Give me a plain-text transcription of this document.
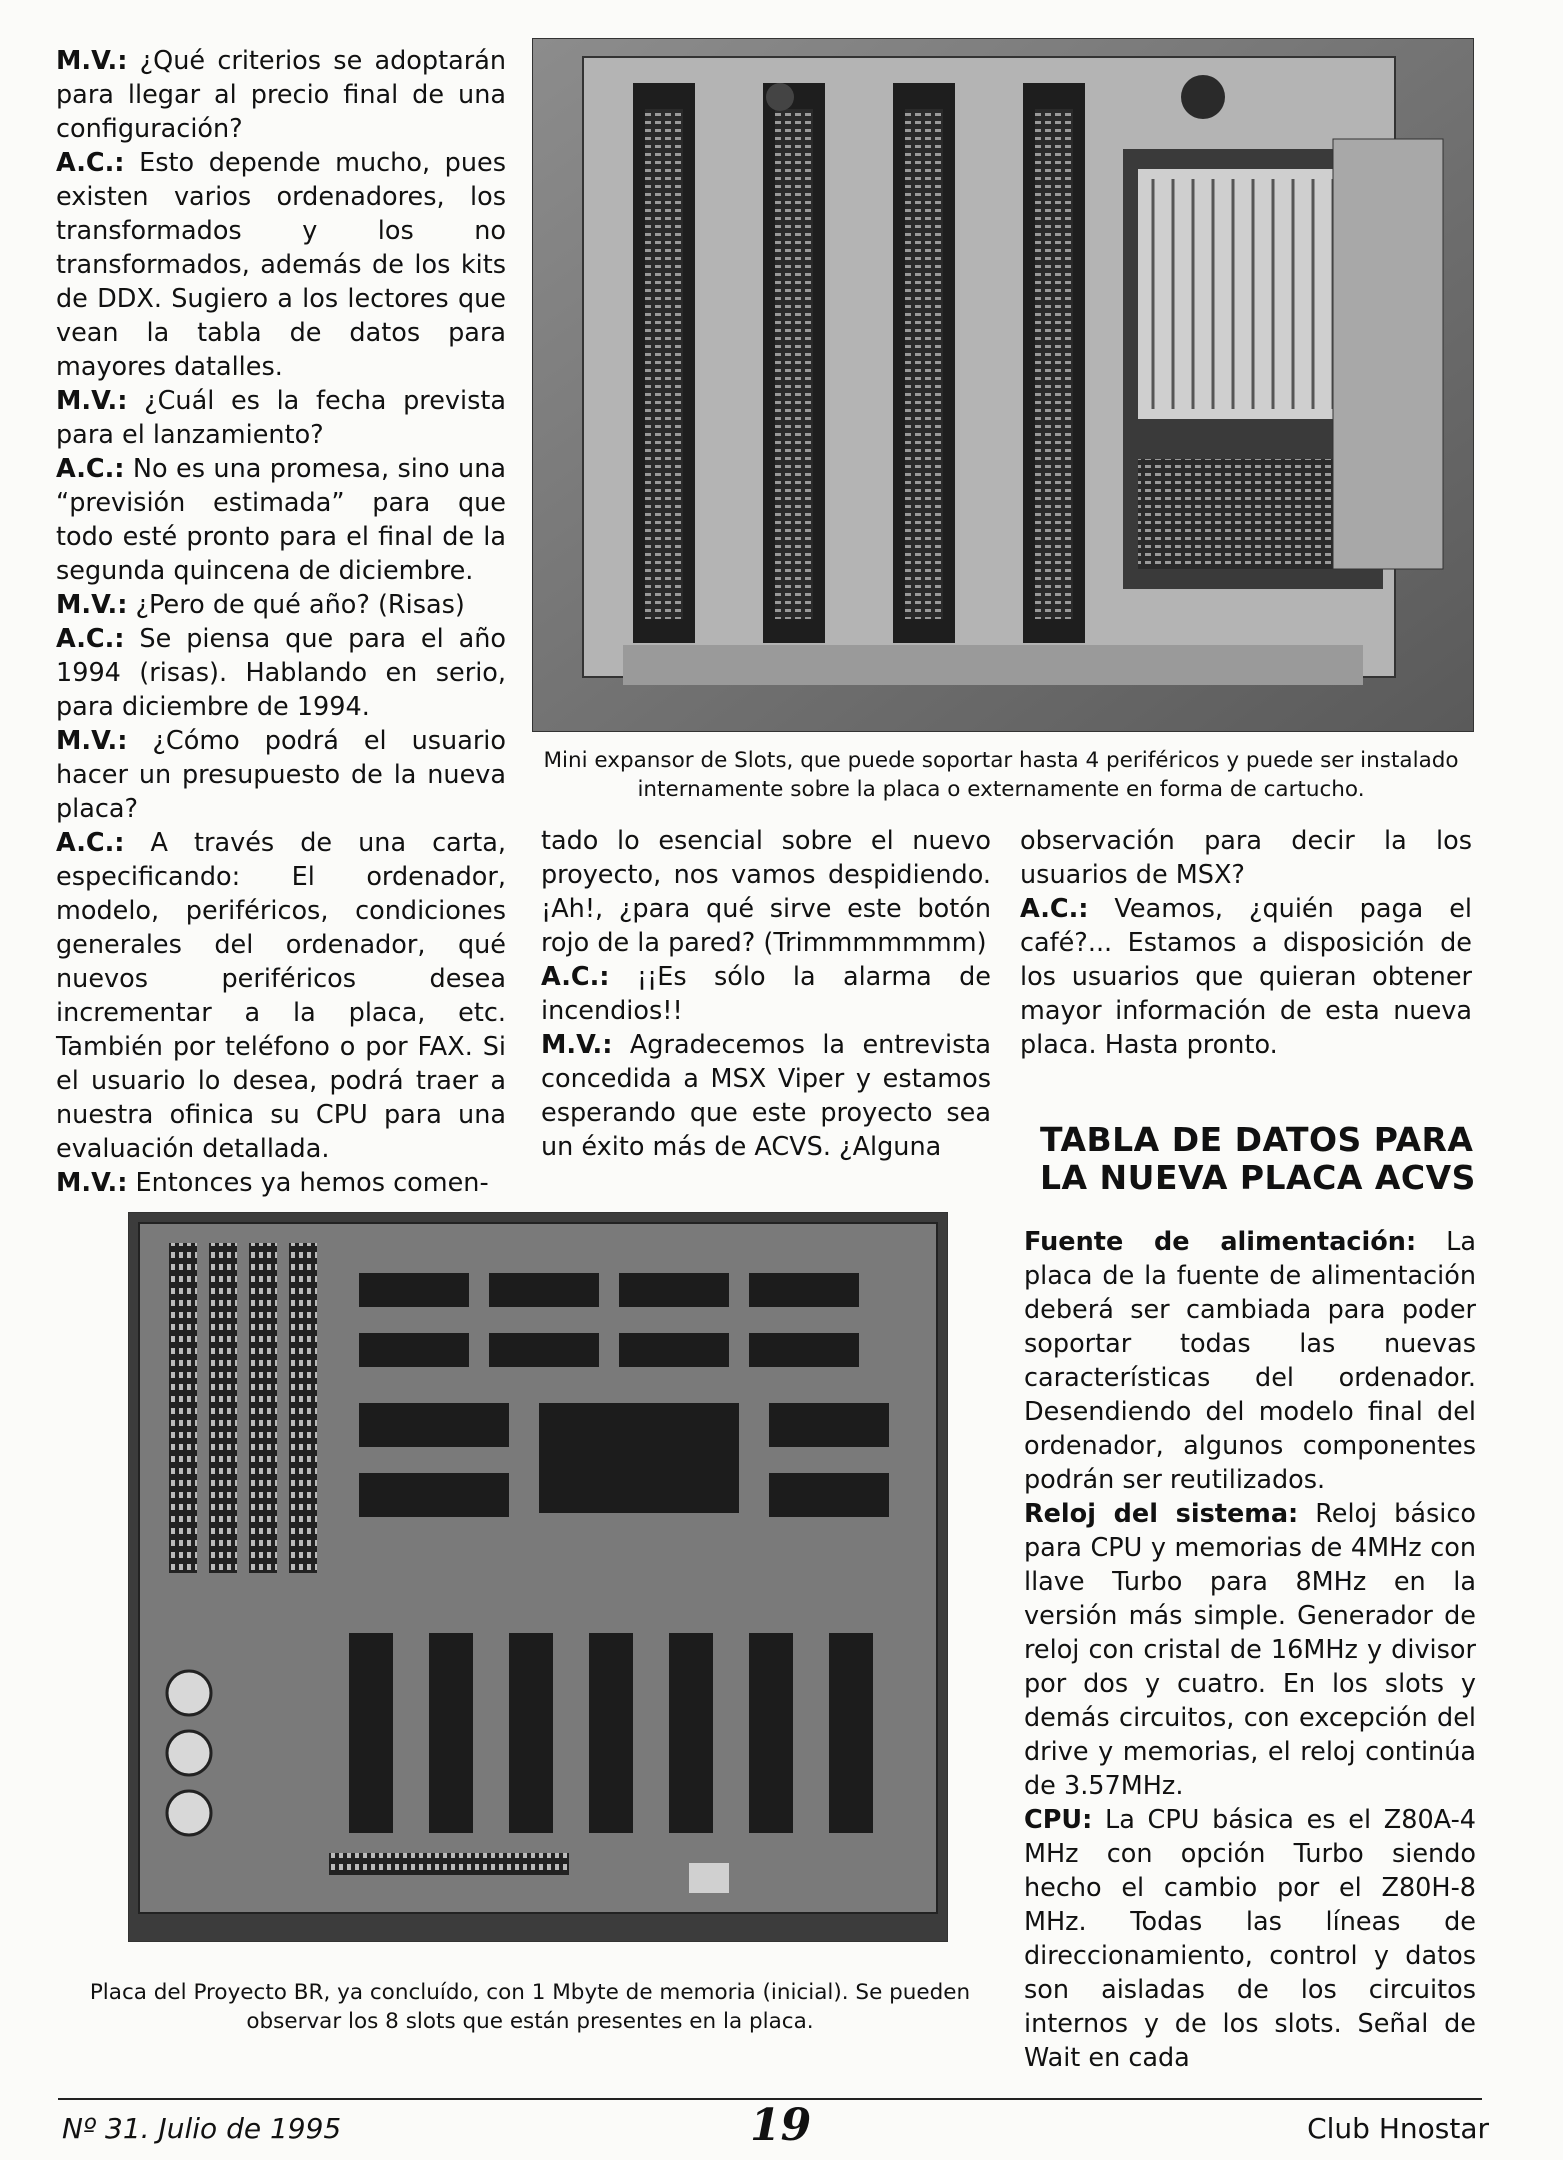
M.V.: ¿Qué criterios se adoptarán para llegar al precio final de una configuración?

A.C.: Esto depende mucho, pues existen varios ordenadores, los transformados y los no transformados, además de los kits de DDX. Sugiero a los lectores que vean la tabla de datos para mayores datalles.

M.V.: ¿Cuál es la fecha prevista para el lanzamiento?

A.C.: No es una promesa, sino una “previsión estimada” para que todo esté pronto para el final de la segunda quincena de diciembre.

M.V.: ¿Pero de qué año? (Risas)

A.C.: Se piensa que para el año 1994 (risas). Hablando en serio, para diciembre de 1994.

M.V.: ¿Cómo podrá el usuario hacer un presupuesto de la nueva placa?

A.C.: A través de una carta, especificando: El ordenador, modelo, periféricos, condiciones generales del ordenador, qué nuevos periféricos desea incrementar a la placa, etc. También por teléfono o por FAX. Si el usuario lo desea, podrá traer a nuestra ofinica su CPU para una evaluación detallada.

M.V.: Entonces ya hemos comen-

Mini expansor de Slots, que puede soportar hasta 4 periféricos y puede ser instalado internamente sobre la placa o externamente en forma de cartucho.

tado lo esencial sobre el nuevo proyecto, nos vamos despidiendo. ¡Ah!, ¿para qué sirve este botón rojo de la pared? (Trimmmmmmm)

A.C.: ¡¡Es sólo la alarma de incendios!!

M.V.: Agradecemos la entrevista concedida a MSX Viper y estamos esperando que este proyecto sea un éxito más de ACVS. ¿Alguna

observación para decir la los usuarios de MSX?

A.C.: Veamos, ¿quién paga el café?... Estamos a disposición de los usuarios que quieran obtener mayor información de esta nueva placa. Hasta pronto.

TABLA DE DATOS PARA LA NUEVA PLACA ACVS

Fuente de alimentación: La placa de la fuente de alimentación deberá ser cambiada para poder soportar todas las nuevas características del ordenador. Desendiendo del modelo final del ordenador, algunos componentes podrán ser reutilizados.

Reloj del sistema: Reloj básico para CPU y memorias de 4MHz con llave Turbo para 8MHz en la versión más simple. Generador de reloj con cristal de 16MHz y divisor por dos y cuatro. En los slots y demás circuitos, con excepción del drive y memorias, el reloj continúa de 3.57MHz.

CPU: La CPU básica es el Z80A-4 MHz con opción Turbo siendo hecho el cambio por el Z80H-8 MHz. Todas las líneas de direccionamiento, control y datos son aisladas de los circuitos internos y de los slots. Señal de Wait en cada

Placa del Proyecto BR, ya concluído, con 1 Mbyte de memoria (inicial). Se pueden observar los 8 slots que están presentes en la placa.
Nº 31. Julio de 1995	19	Club Hnostar
